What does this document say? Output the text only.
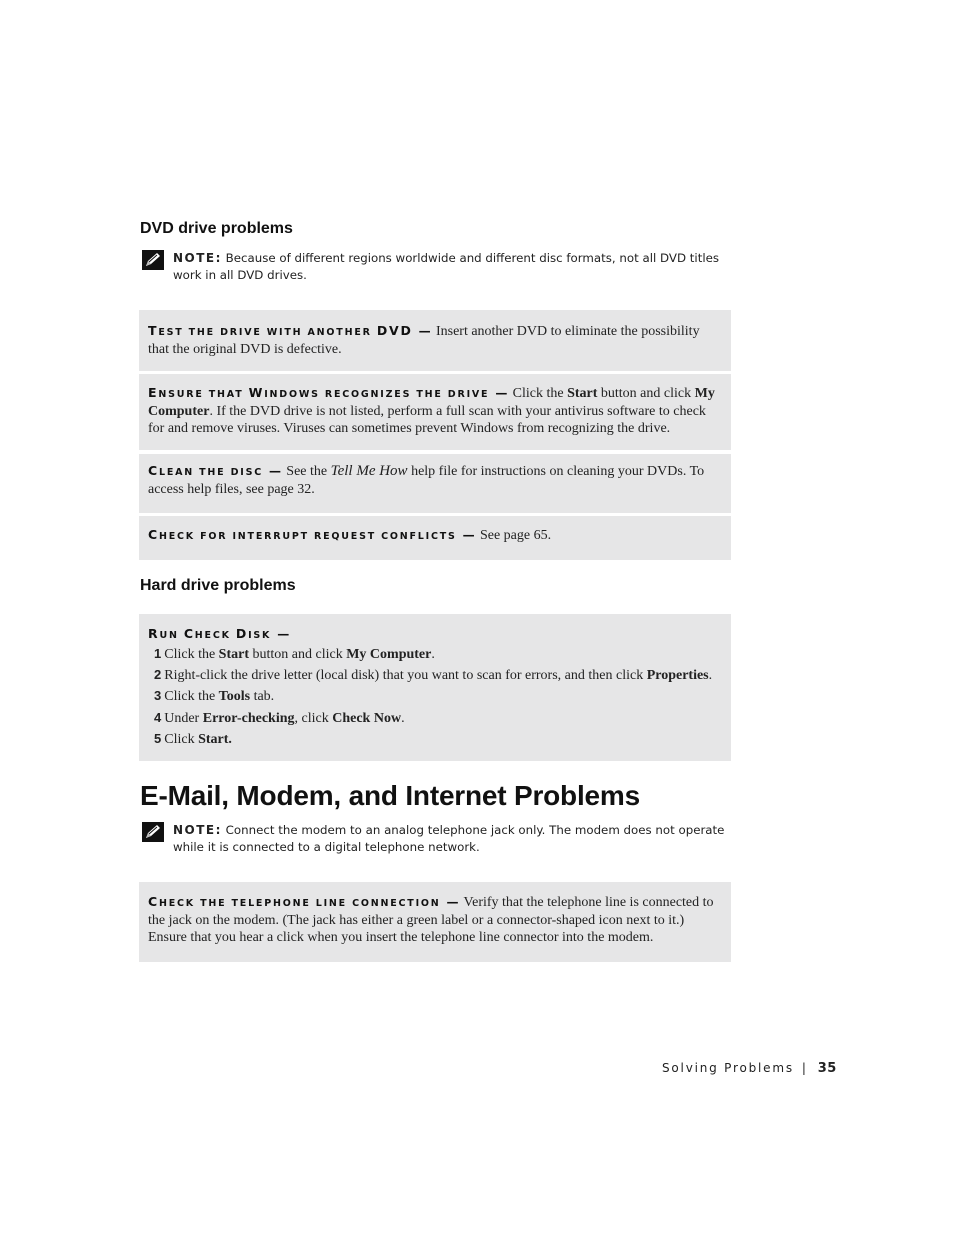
DVD drive problems
NOTE: Because of different regions worldwide and different disc formats, not all DVD titles work in all DVD drives.
TEST THE DRIVE WITH ANOTHER DVD — Insert another DVD to eliminate the possibility that the original DVD is defective.
ENSURE THAT WINDOWS RECOGNIZES THE DRIVE — Click the Start button and click My Computer. If the DVD drive is not listed, perform a full scan with your antivirus software to check for and remove viruses. Viruses can sometimes prevent Windows from recognizing the drive.
CLEAN THE DISC — See the Tell Me How help file for instructions on cleaning your DVDs. To access help files, see page 32.
CHECK FOR INTERRUPT REQUEST CONFLICTS — See page 65.
Hard drive problems
RUN CHECK DISK —
1 Click the Start button and click My Computer.
2 Right-click the drive letter (local disk) that you want to scan for errors, and then click Properties.
3 Click the Tools tab.
4 Under Error-checking, click Check Now.
5 Click Start.
E-Mail, Modem, and Internet Problems
NOTE: Connect the modem to an analog telephone jack only. The modem does not operate while it is connected to a digital telephone network.
CHECK THE TELEPHONE LINE CONNECTION — Verify that the telephone line is connected to the jack on the modem. (The jack has either a green label or a connector-shaped icon next to it.) Ensure that you hear a click when you insert the telephone line connector into the modem.
Solving Problems | 35
